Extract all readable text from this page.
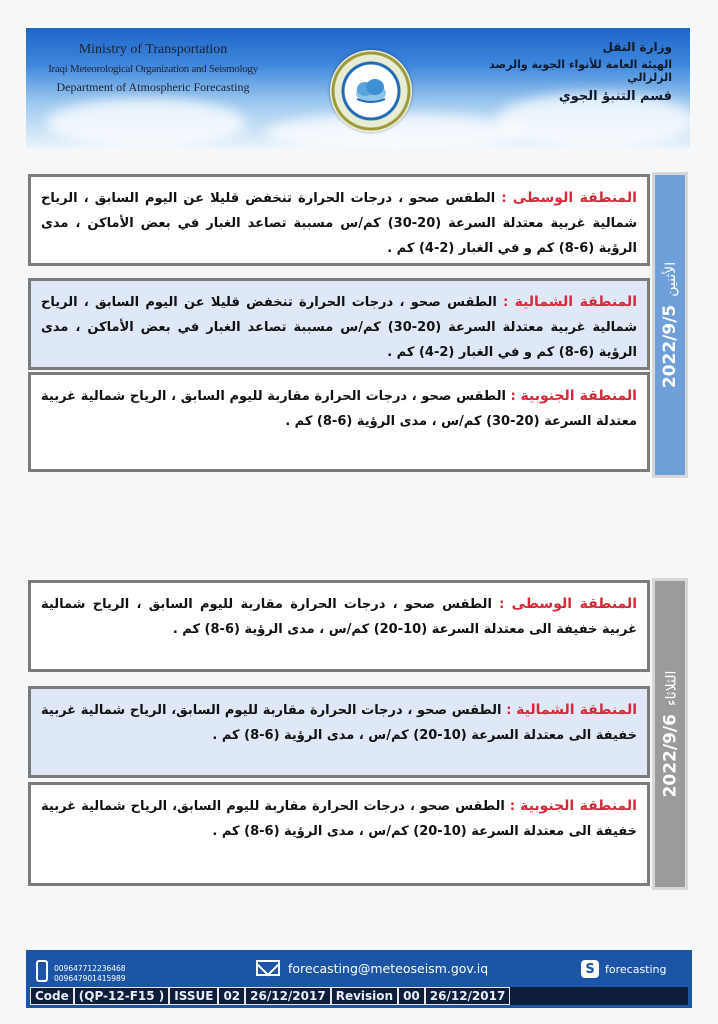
Ministry of Transportation
Iraqi Meteorological Organization and Seismology
Department of Atmospheric Forecasting
وزارة النقل
الهيئة العامة للأنواء الجوية والرصد الزلزالي
قسم التنبؤ الجوي
المنطقة الوسطى : الطقس صحو ، درجات الحرارة تنخفض قليلا عن اليوم السابق ، الرياح شمالية غربية معتدلة السرعة (20-30) كم/س مسببة تصاعد الغبار في بعض الأماكن ، مدى الرؤية (6-8) كم و في الغبار (2-4) كم .
المنطقة الشمالية : الطقس صحو ، درجات الحرارة تنخفض قليلا عن اليوم السابق ، الرياح شمالية غربية معتدلة السرعة (20-30) كم/س مسببة تصاعد الغبار في بعض الأماكن ، مدى الرؤية (6-8) كم و في الغبار (2-4) كم .
المنطقة الجنوبية : الطقس صحو ، درجات الحرارة مقاربة لليوم السابق ، الرياح شمالية غربية معتدلة السرعة (20-30) كم/س ، مدى الرؤية (6-8) كم .
الأثنين
2022/9/5
المنطقة الوسطى : الطقس صحو ، درجات الحرارة مقاربة لليوم السابق ، الرياح شمالية غربية خفيفة الى معتدلة السرعة (10-20) كم/س ، مدى الرؤية (6-8) كم .
المنطقة الشمالية : الطقس صحو ، درجات الحرارة مقاربة لليوم السابق، الرياح شمالية غربية خفيفة الى معتدلة السرعة (10-20) كم/س ، مدى الرؤية (6-8) كم .
المنطقة الجنوبية : الطقس صحو ، درجات الحرارة مقاربة لليوم السابق، الرياح شمالية غربية خفيفة الى معتدلة السرعة (10-20) كم/س ، مدى الرؤية (6-8) كم .
الثلاثاء
2022/9/6
009647712236468
009647901415989
forecasting@meteoseism.gov.iq	S forecasting
Code (QP-12-F15 ) ISSUE 02 26/12/2017 Revision 00 26/12/2017
